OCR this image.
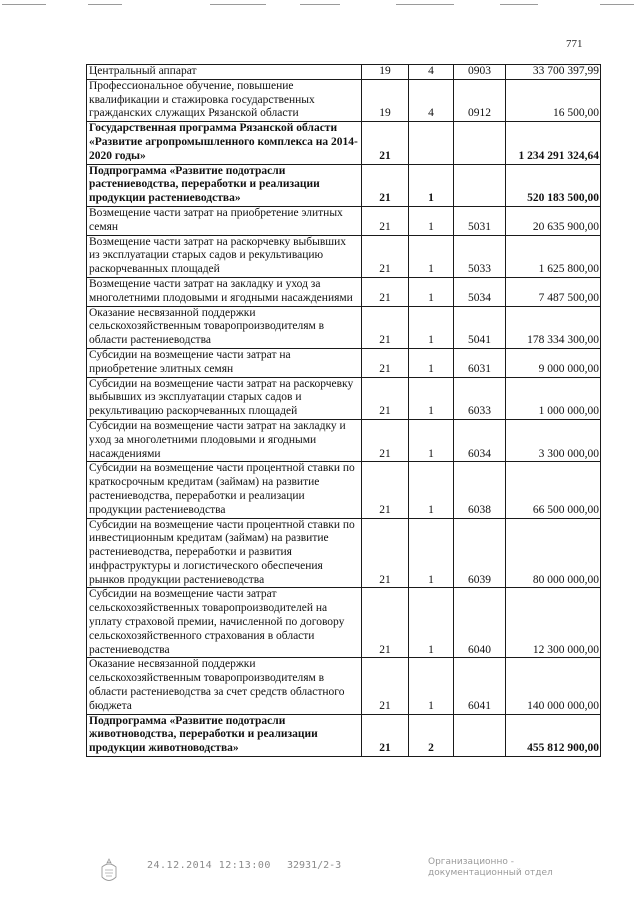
771
Центральный аппарат	19	4	0903	33 700 397,99
Профессиональное обучение, повышение квалификации и стажировка государственных гражданских служащих Рязанской области	19	4	0912	16 500,00
Государственная программа Рязанской области «Развитие агропромышленного комплекса на 2014-2020 годы»	21			1 234 291 324,64
Подпрограмма «Развитие подотрасли растениеводства, переработки и реализации продукции растениеводства»	21	1		520 183 500,00
Возмещение части затрат на приобретение элитных семян	21	1	5031	20 635 900,00
Возмещение части затрат на раскорчевку выбывших из эксплуатации старых садов и рекультивацию раскорчеванных площадей	21	1	5033	1 625 800,00
Возмещение части затрат на закладку и уход за многолетними плодовыми и ягодными насаждениями	21	1	5034	7 487 500,00
Оказание несвязанной поддержки сельскохозяйственным товаропроизводителям в области растениеводства	21	1	5041	178 334 300,00
Субсидии на возмещение части затрат на приобретение элитных семян	21	1	6031	9 000 000,00
Субсидии на возмещение части затрат на раскорчевку выбывших из эксплуатации старых садов и рекультивацию раскорчеванных площадей	21	1	6033	1 000 000,00
Субсидии на возмещение части затрат на закладку и уход за многолетними плодовыми и ягодными насаждениями	21	1	6034	3 300 000,00
Субсидии на возмещение части процентной ставки по краткосрочным кредитам (займам) на развитие растениеводства, переработки и реализации продукции растениеводства	21	1	6038	66 500 000,00
Субсидии на возмещение части процентной ставки по инвестиционным кредитам (займам) на развитие растениеводства, переработки и развития инфраструктуры и логистического обеспечения рынков продукции растениеводства	21	1	6039	80 000 000,00
Субсидии на возмещение части затрат сельскохозяйственных товаропроизводителей на уплату страховой премии, начисленной по договору сельскохозяйственного страхования в области растениеводства	21	1	6040	12 300 000,00
Оказание несвязанной поддержки сельскохозяйственным товаропроизводителям в области растениеводства за счет средств областного бюджета	21	1	6041	140 000 000,00
Подпрограмма «Развитие подотрасли животноводства, переработки и реализации продукции животноводства»	21	2		455 812 900,00
24.12.2014 12:13:00 32931/2-3	Организационно -
документационный отдел
